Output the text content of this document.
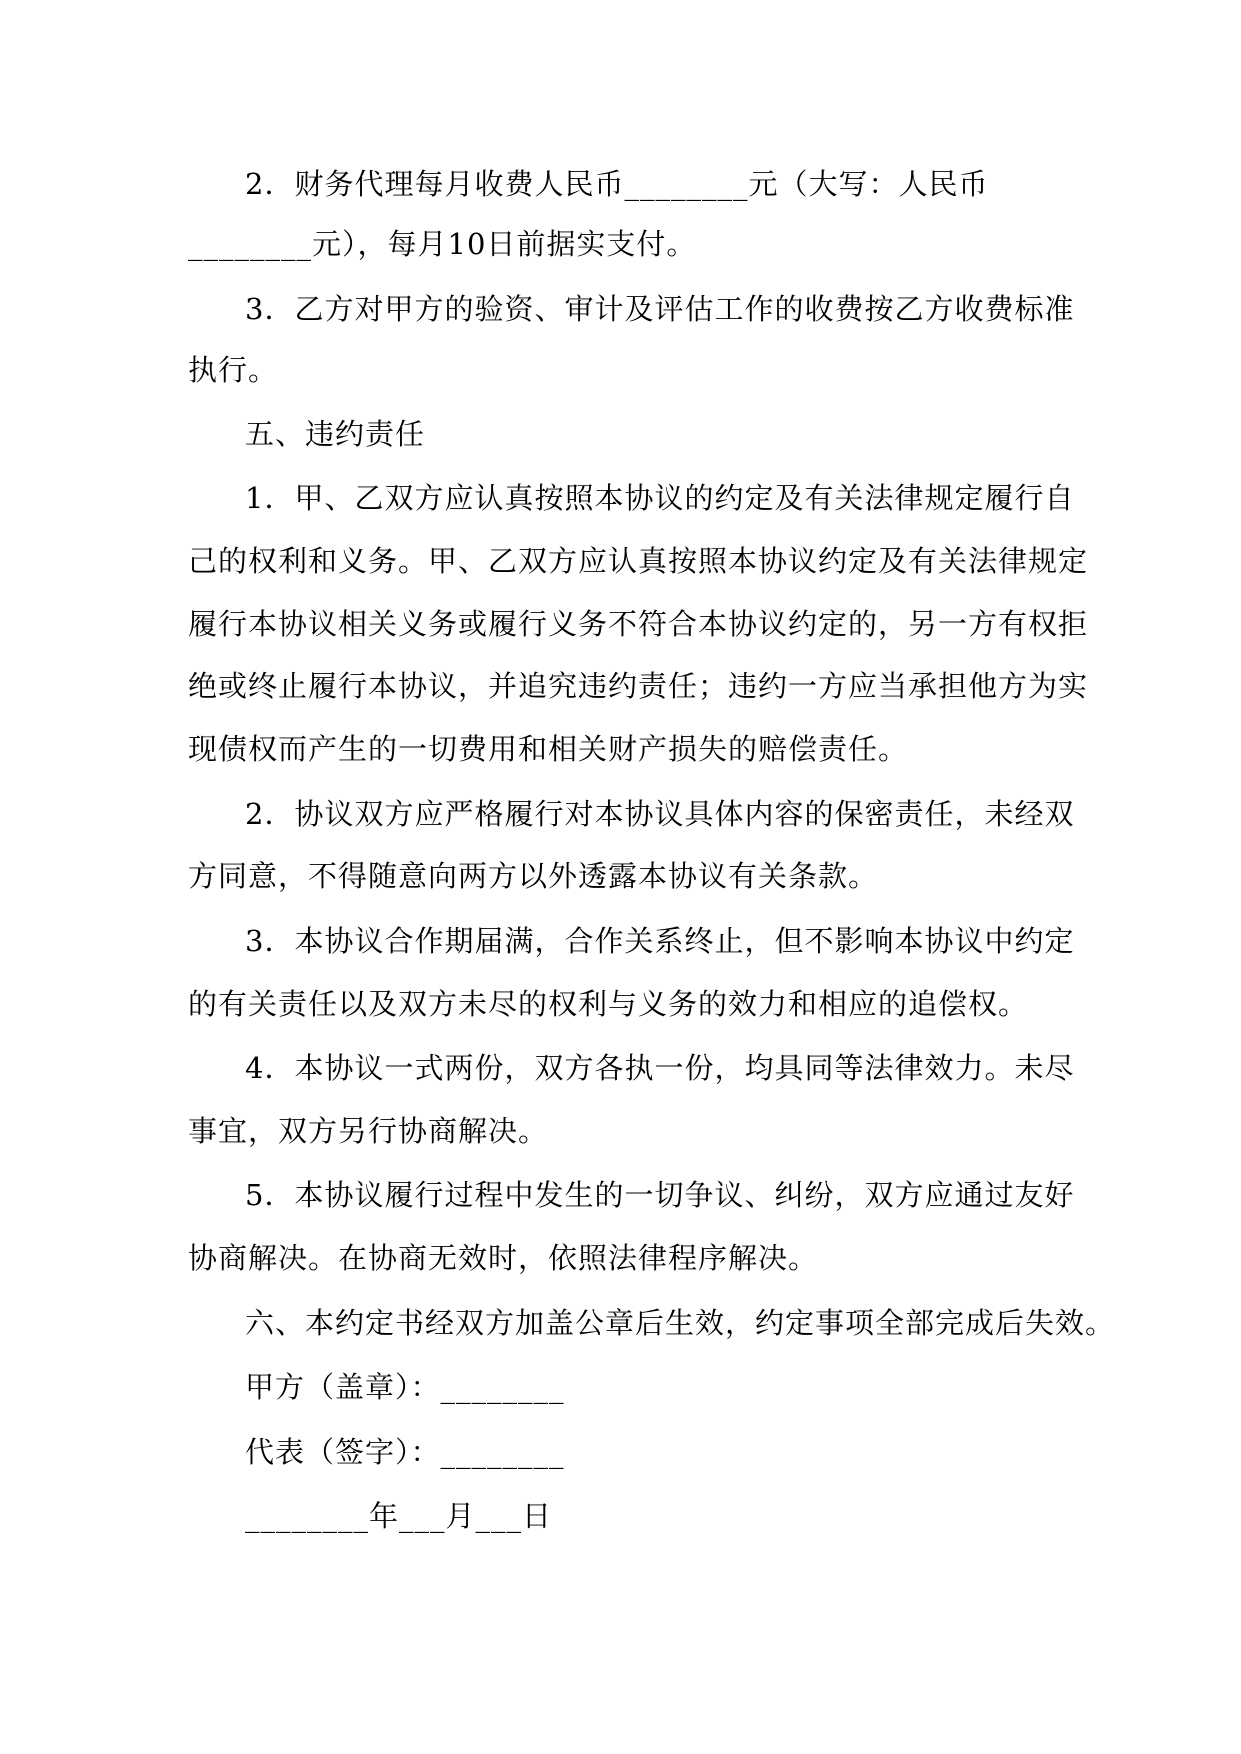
2．财务代理每月收费人民币________元（大写：人民币
________元），每月10日前据实支付。
3．乙方对甲方的验资、审计及评估工作的收费按乙方收费标准
执行。
五、违约责任
1．甲、乙双方应认真按照本协议的约定及有关法律规定履行自
己的权利和义务。甲、乙双方应认真按照本协议约定及有关法律规定
履行本协议相关义务或履行义务不符合本协议约定的，另一方有权拒
绝或终止履行本协议，并追究违约责任；违约一方应当承担他方为实
现债权而产生的一切费用和相关财产损失的赔偿责任。
2．协议双方应严格履行对本协议具体内容的保密责任，未经双
方同意，不得随意向两方以外透露本协议有关条款。
3．本协议合作期届满，合作关系终止，但不影响本协议中约定
的有关责任以及双方未尽的权利与义务的效力和相应的追偿权。
4．本协议一式两份，双方各执一份，均具同等法律效力。未尽
事宜，双方另行协商解决。
5．本协议履行过程中发生的一切争议、纠纷，双方应通过友好
协商解决。在协商无效时，依照法律程序解决。
六、本约定书经双方加盖公章后生效，约定事项全部完成后失效。
甲方（盖章）：________
代表（签字）：________
________年___月___日
